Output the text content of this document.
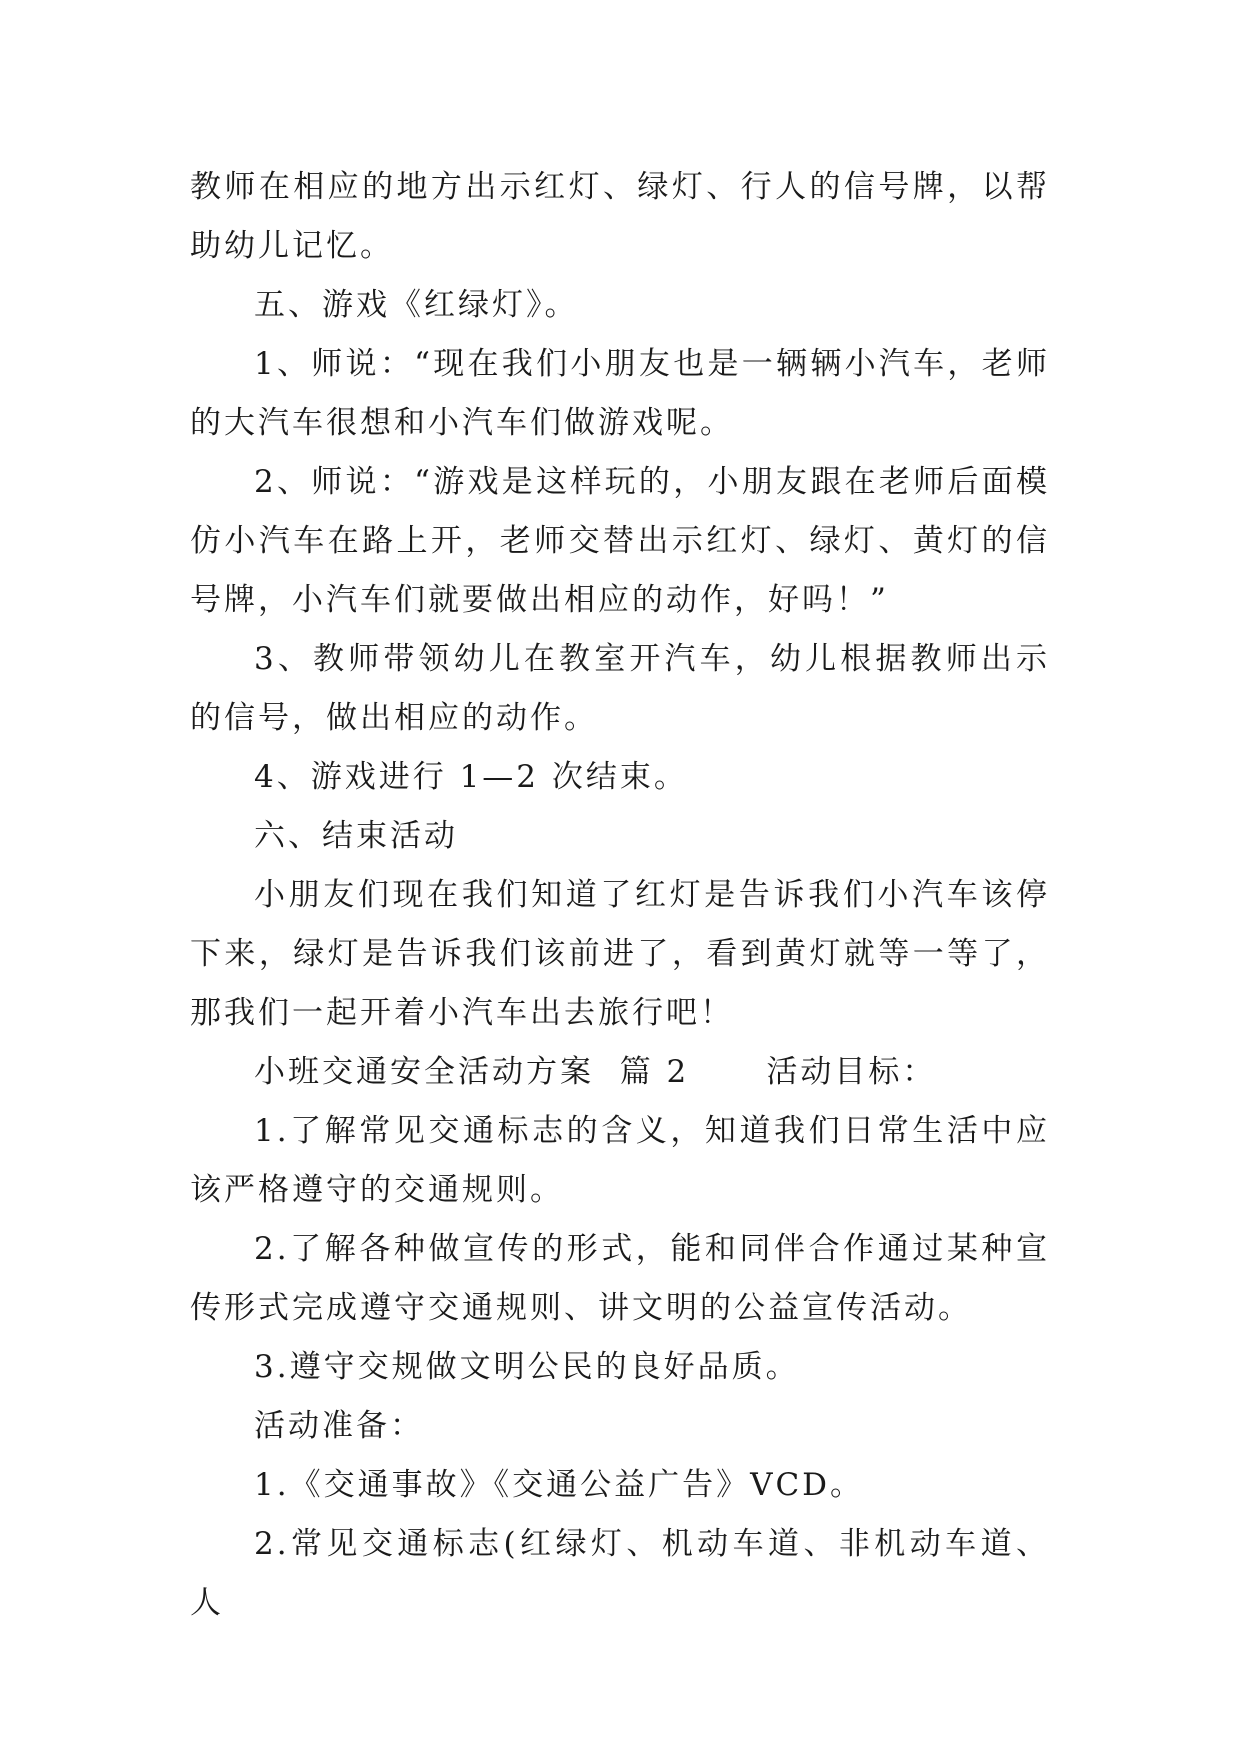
教师在相应的地方出示红灯、绿灯、行人的信号牌，以帮助幼儿记忆。

五、游戏《红绿灯》。

1、师说：“现在我们小朋友也是一辆辆小汽车，老师的大汽车很想和小汽车们做游戏呢。

2、师说：“游戏是这样玩的，小朋友跟在老师后面模仿小汽车在路上开，老师交替出示红灯、绿灯、黄灯的信号牌，小汽车们就要做出相应的动作，好吗！”

3、教师带领幼儿在教室开汽车，幼儿根据教师出示的信号，做出相应的动作。

4、游戏进行 1—2 次结束。

六、结束活动

小朋友们现在我们知道了红灯是告诉我们小汽车该停下来，绿灯是告诉我们该前进了，看到黄灯就等一等了，那我们一起开着小汽车出去旅行吧！

小班交通安全活动方案  篇 2      活动目标：

1.了解常见交通标志的含义，知道我们日常生活中应该严格遵守的交通规则。

2.了解各种做宣传的形式，能和同伴合作通过某种宣传形式完成遵守交通规则、讲文明的公益宣传活动。

3.遵守交规做文明公民的良好品质。

活动准备：

1.《交通事故》《交通公益广告》VCD。

2.常见交通标志(红绿灯、机动车道、非机动车道、人
